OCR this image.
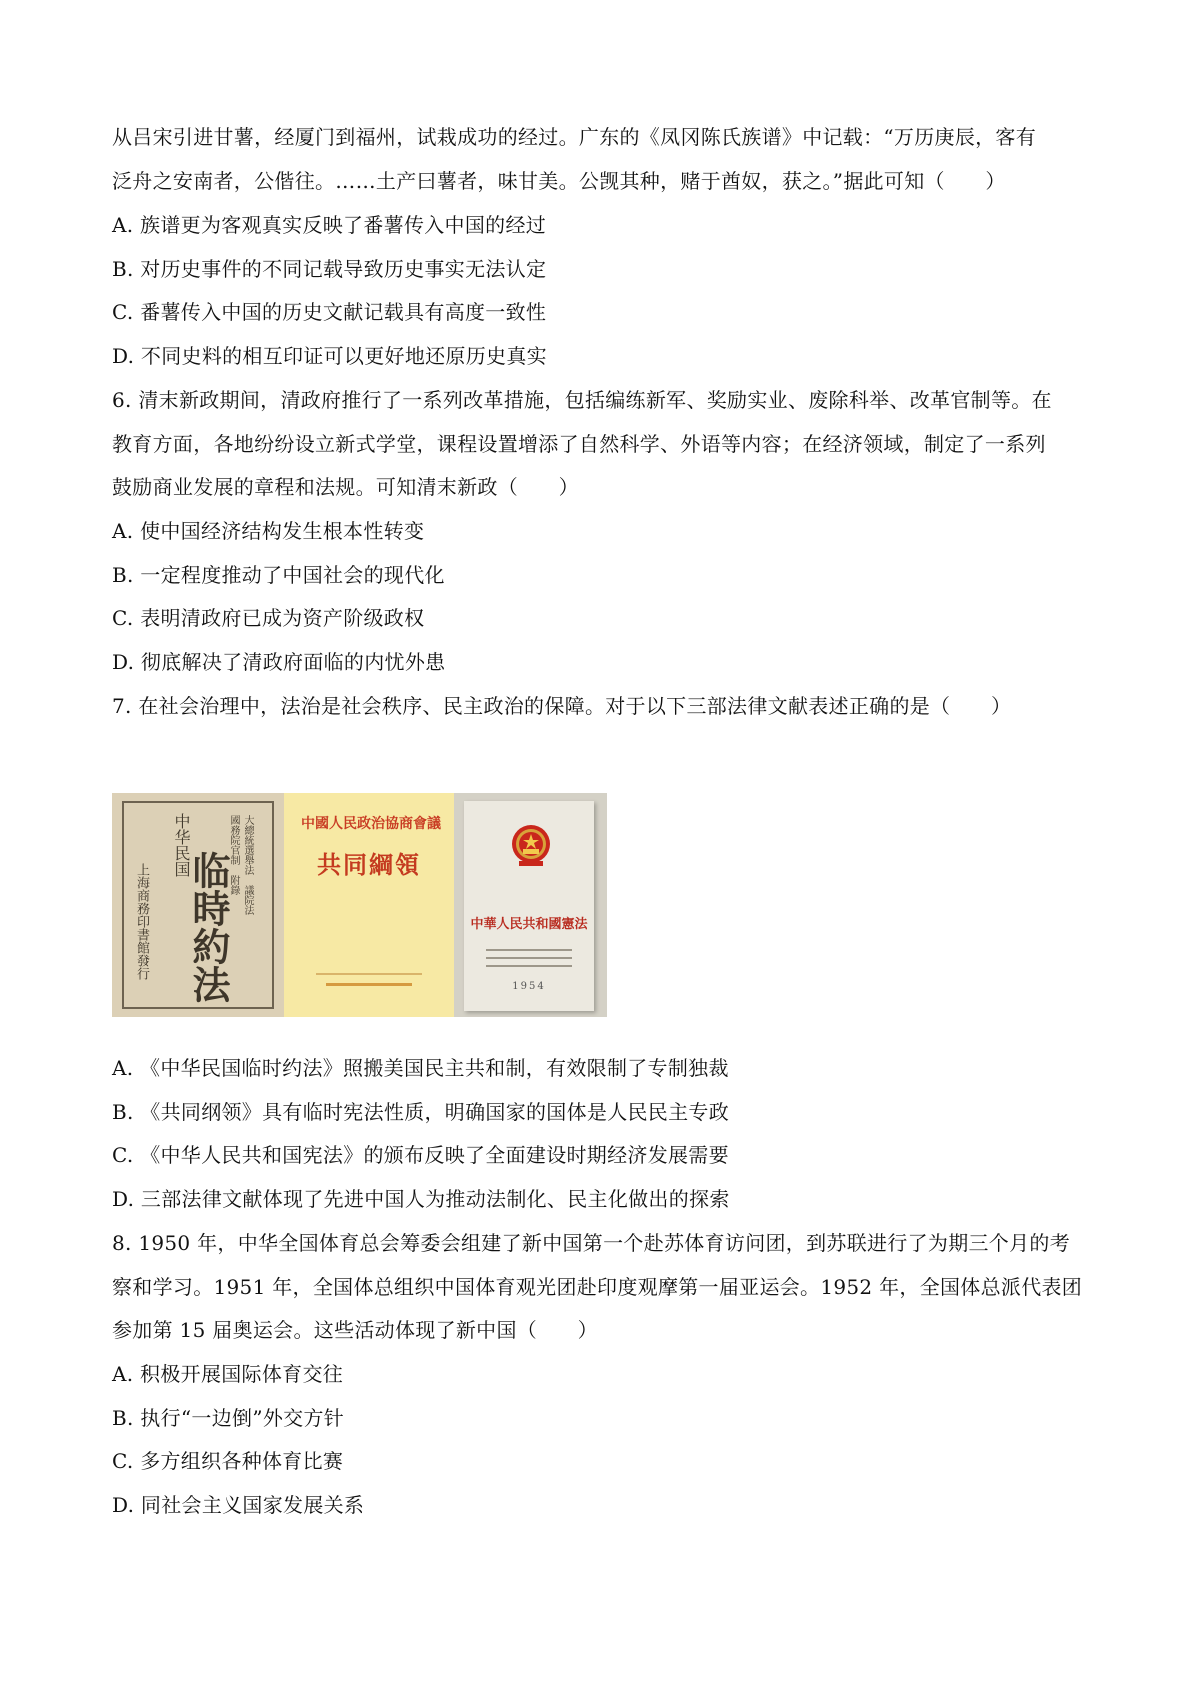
从吕宋引进甘薯，经厦门到福州，试栽成功的经过。广东的《凤冈陈氏族谱》中记载：“万历庚辰，客有
泛舟之安南者，公偕往。……土产曰薯者，味甘美。公觊其种，赌于酋奴，获之。”据此可知（　　）
A. 族谱更为客观真实反映了番薯传入中国的经过
B. 对历史事件的不同记载导致历史事实无法认定
C. 番薯传入中国的历史文献记载具有高度一致性
D. 不同史料的相互印证可以更好地还原历史真实
6. 清末新政期间，清政府推行了一系列改革措施，包括编练新军、奖励实业、废除科举、改革官制等。在
教育方面，各地纷纷设立新式学堂，课程设置增添了自然科学、外语等内容；在经济领域，制定了一系列
鼓励商业发展的章程和法规。可知清末新政（　　）
A. 使中国经济结构发生根本性转变
B. 一定程度推动了中国社会的现代化
C. 表明清政府已成为资产阶级政权
D. 彻底解决了清政府面临的内忧外患
7. 在社会治理中，法治是社会秩序、民主政治的保障。对于以下三部法律文献表述正确的是（　　）
中华民国
临時約法 大總統選舉法　議院法
國務院官制　附錄
上海商務印書館發行
中國人民政治協商會議
共同綱領
中華人民共和國憲法
1954
A. 《中华民国临时约法》照搬美国民主共和制，有效限制了专制独裁
B. 《共同纲领》具有临时宪法性质，明确国家的国体是人民民主专政
C. 《中华人民共和国宪法》的颁布反映了全面建设时期经济发展需要
D. 三部法律文献体现了先进中国人为推动法制化、民主化做出的探索
8. 1950 年，中华全国体育总会筹委会组建了新中国第一个赴苏体育访问团，到苏联进行了为期三个月的考
察和学习。1951 年，全国体总组织中国体育观光团赴印度观摩第一届亚运会。1952 年，全国体总派代表团
参加第 15 届奥运会。这些活动体现了新中国（　　）
A. 积极开展国际体育交往
B. 执行“一边倒”外交方针
C. 多方组织各种体育比赛
D. 同社会主义国家发展关系
